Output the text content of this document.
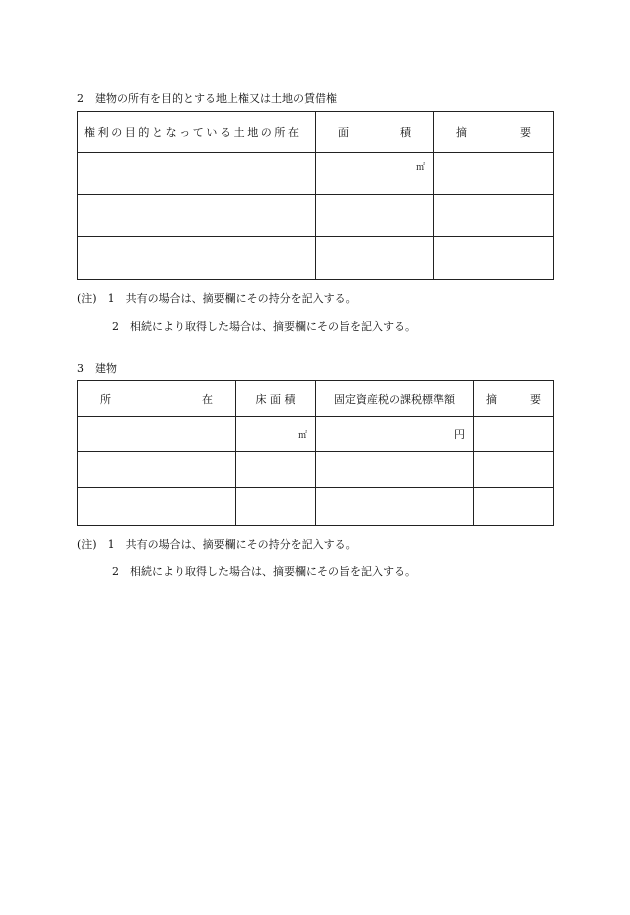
2　建物の所有を目的とする地上権又は土地の賃借権
権利の目的となっている土地の所在	面 積	摘 要

	㎡	

(注)　1　共有の場合は、摘要欄にその持分を記入する。
2　相続により取得した場合は、摘要欄にその旨を記入する。
3　建物
所 在	床 面 積	固定資産税の課税標準額	摘 要

	㎡	円	

(注)　1　共有の場合は、摘要欄にその持分を記入する。
2　相続により取得した場合は、摘要欄にその旨を記入する。
